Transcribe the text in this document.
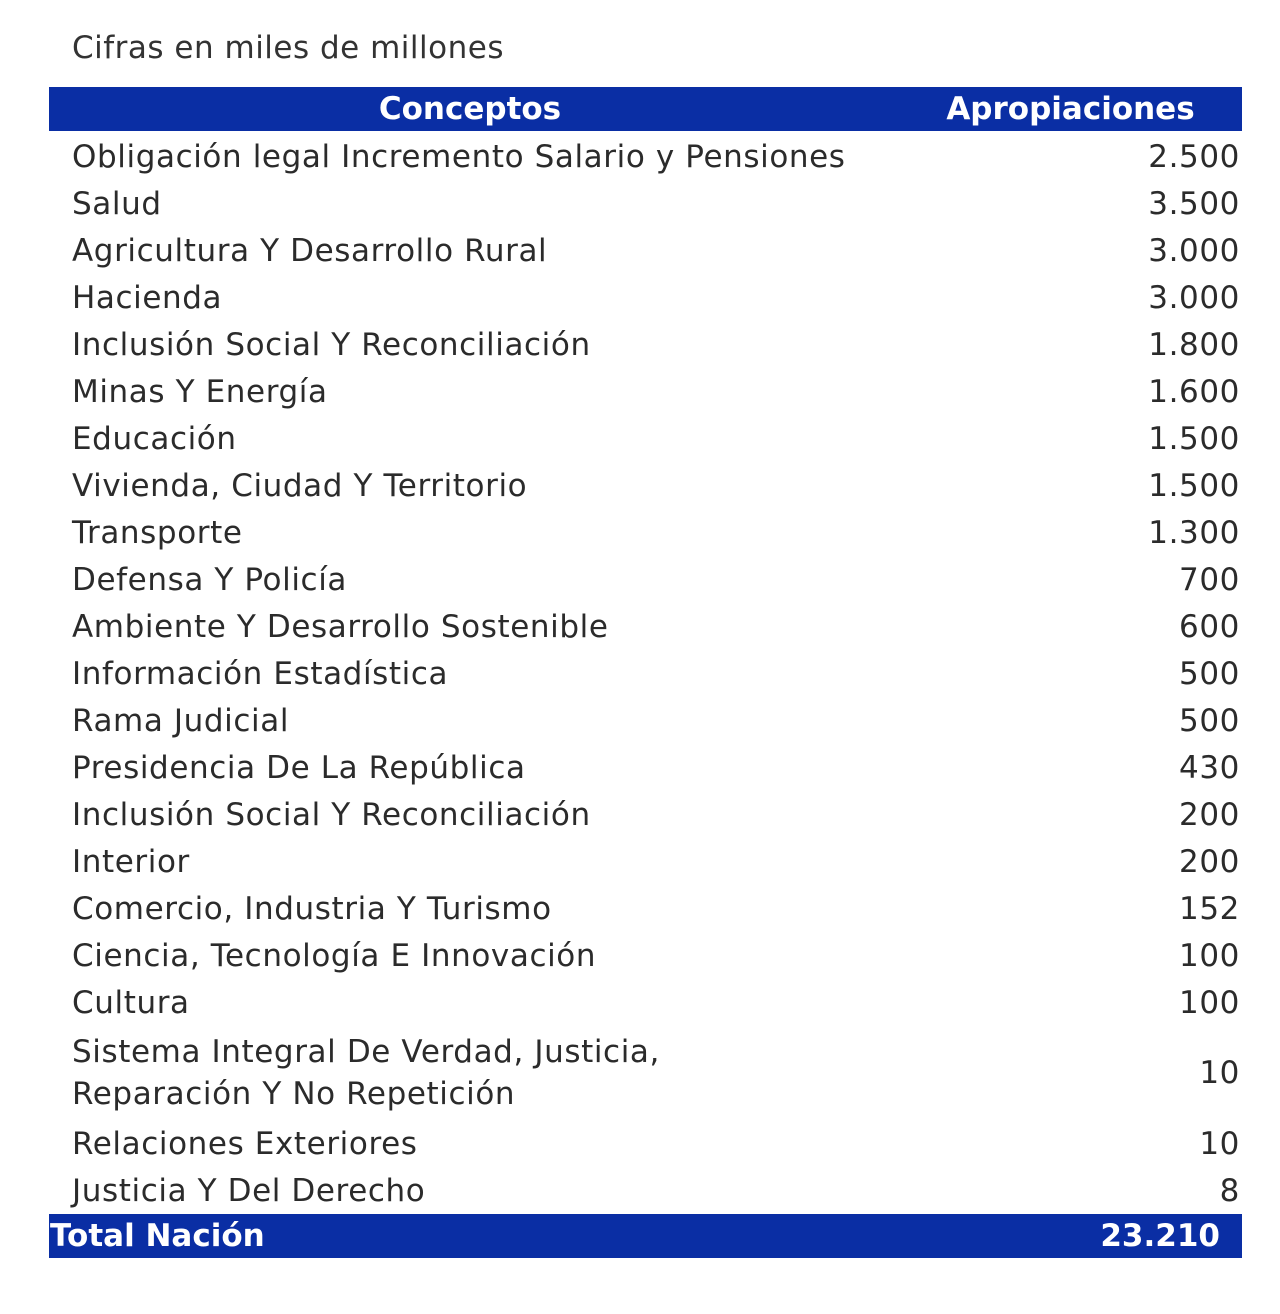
Cifras en miles de millones
Conceptos	Apropiaciones
Obligación legal Incremento Salario y Pensiones	2.500
Salud	3.500
Agricultura Y Desarrollo Rural	3.000
Hacienda	3.000
Inclusión Social Y Reconciliación	1.800
Minas Y Energía	1.600
Educación	1.500
Vivienda, Ciudad Y Territorio	1.500
Transporte	1.300
Defensa Y Policía	700
Ambiente Y Desarrollo Sostenible	600
Información Estadística	500
Rama Judicial	500
Presidencia De La República	430
Inclusión Social Y Reconciliación	200
Interior	200
Comercio, Industria Y Turismo	152
Ciencia, Tecnología E Innovación	100
Cultura	100
Sistema Integral De Verdad, Justicia,
Reparación Y No Repetición
10
Relaciones Exteriores	10
Justicia Y Del Derecho	8
Total Nación	23.210
